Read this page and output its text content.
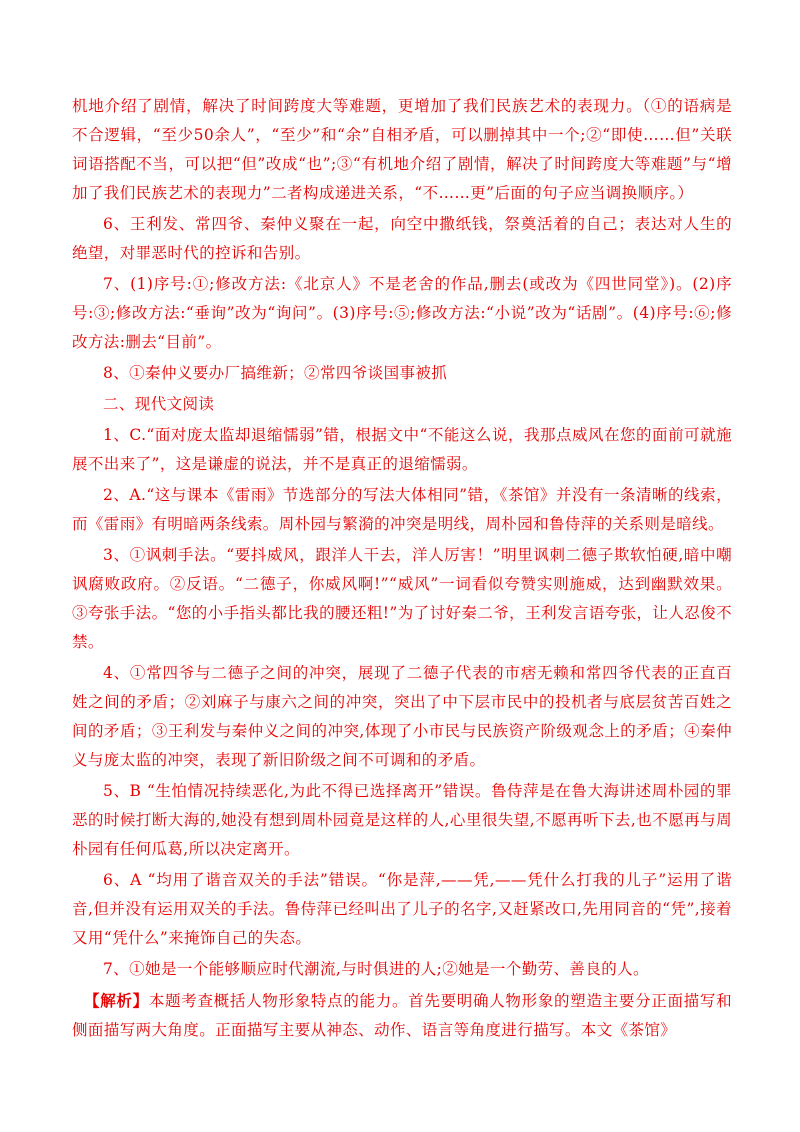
机地介绍了剧情，解决了时间跨度大等难题，更增加了我们民族艺术的表现力。（①的语病是不合逻辑，“至少50余人”，“至少”和“余”自相矛盾，可以删掉其中一个;②“即使……但”关联词语搭配不当，可以把“但”改成“也”;③“有机地介绍了剧情，解决了时间跨度大等难题”与“增加了我们民族艺术的表现力”二者构成递进关系，“不……更”后面的句子应当调换顺序。）

6、王利发、常四爷、秦仲义聚在一起，向空中撒纸钱，祭奠活着的自己；表达对人生的绝望，对罪恶时代的控诉和告别。

7、(1)序号:①;修改方法:《北京人》不是老舍的作品,删去(或改为《四世同堂》)。(2)序号:③;修改方法:“垂询”改为“询问”。(3)序号:⑤;修改方法:“小说”改为“话剧”。(4)序号:⑥;修改方法:删去“目前”。

8、①秦仲义要办厂搞维新；②常四爷谈国事被抓

二、现代文阅读

1、C.“面对庞太监却退缩懦弱”错，根据文中“不能这么说，我那点威风在您的面前可就施展不出来了”，这是谦虚的说法，并不是真正的退缩懦弱。

2、A.“这与课本《雷雨》节选部分的写法大体相同”错，《茶馆》并没有一条清晰的线索，而《雷雨》有明暗两条线索。周朴园与繁漪的冲突是明线，周朴园和鲁侍萍的关系则是暗线。

3、①讽刺手法。“要抖威风，跟洋人干去，洋人厉害！”明里讽刺二德子欺软怕硬,暗中嘲讽腐败政府。②反语。“二德子，你威风啊!”“威风”一词看似夸赞实则施威，达到幽默效果。③夸张手法。“您的小手指头都比我的腰还粗!”为了讨好秦二爷，王利发言语夸张，让人忍俊不禁。

4、①常四爷与二德子之间的冲突，展现了二德子代表的市痞无赖和常四爷代表的正直百姓之间的矛盾；②刘麻子与康六之间的冲突，突出了中下层市民中的投机者与底层贫苦百姓之间的矛盾；③王利发与秦仲义之间的冲突,体现了小市民与民族资产阶级观念上的矛盾；④秦仲义与庞太监的冲突，表现了新旧阶级之间不可调和的矛盾。

5、B “生怕情况持续恶化,为此不得已选择离开”错误。鲁侍萍是在鲁大海讲述周朴园的罪恶的时候打断大海的,她没有想到周朴园竟是这样的人,心里很失望,不愿再听下去,也不愿再与周朴园有任何瓜葛,所以决定离开。

6、A “均用了谐音双关的手法”错误。“你是萍,——凭,——凭什么打我的儿子”运用了谐音,但并没有运用双关的手法。鲁侍萍已经叫出了儿子的名字,又赶紧改口,先用同音的“凭”,接着又用“凭什么”来掩饰自己的失态。

7、①她是一个能够顺应时代潮流,与时俱进的人;②她是一个勤劳、善良的人。

【解析】本题考查概括人物形象特点的能力。首先要明确人物形象的塑造主要分正面描写和侧面描写两大角度。正面描写主要从神态、动作、语言等角度进行描写。本文《茶馆》
